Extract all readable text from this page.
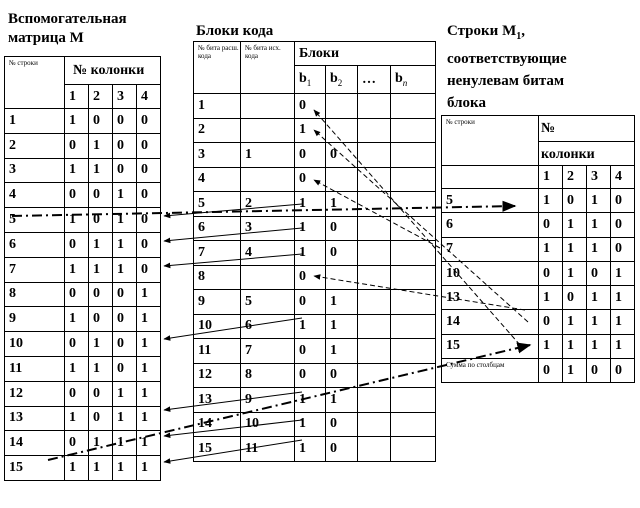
Вспомогательная
матрица М	Блоки кода	Строки $М_1$,
соответствующие
ненулевам битам
блока
№ строки	№ колонки			
	1	2	3	4
1	1	0	0	0
2	0	1	0	0
3	1	1	0	0
4	0	0	1	0
5	1	0	1	0
6	0	1	1	0
7	1	1	1	0
8	0	0	0	1
9	1	0	0	1
10	0	1	0	1
11	1	1	0	1
12	0	0	1	1
13	1	0	1	1
14	0	1	1	1
15	1	1	1	1
№ бита расш. кода	№ бита исх. кода	Блоки			
		$b_1$	$b_2$	…	$b_n$
1		0			
2		1			
3	1	0	0		
4		0			
5	2	1	1		
6	3	1	0		
7	4	1	0		
8		0			
9	5	0	1		
10	6	1	1		
11	7	0	1		
12	8	0	0		
13	9	1	1		
14	10	1	0		
15	11	1	0		
№ строки	№			

	колонки			
	1	2	3	4
5	1	0	1	0
6	0	1	1	0
7	1	1	1	0
10	0	1	0	1
13	1	0	1	1
14	0	1	1	1
15	1	1	1	1
Сумма по столбцам	0	1	0	0
